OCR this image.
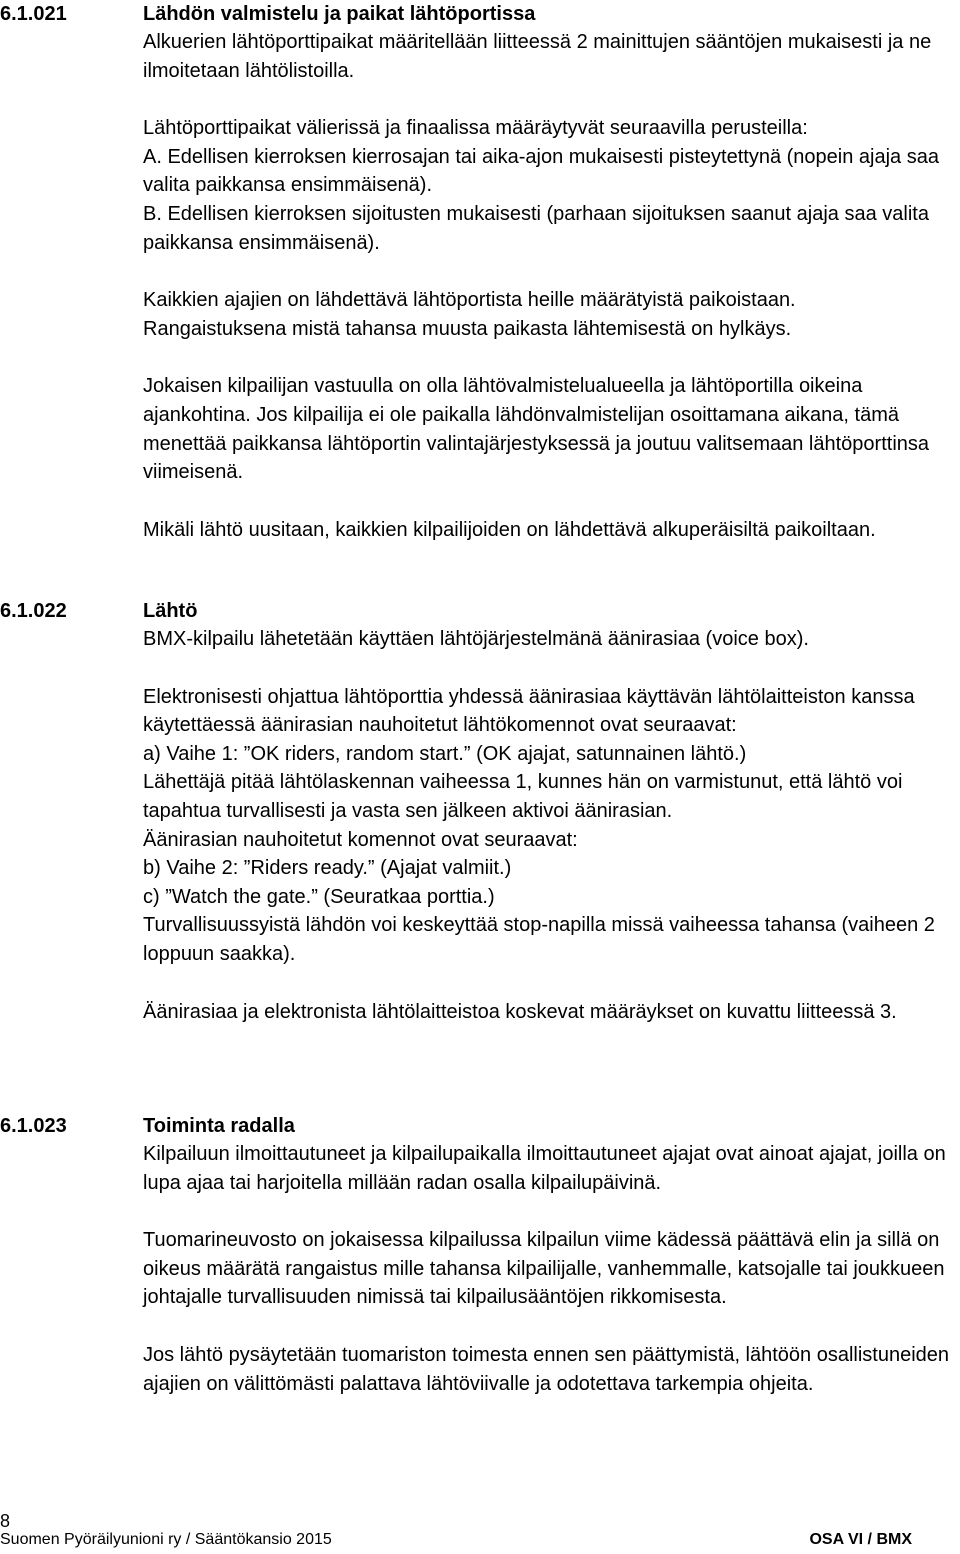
6.1.021	Lähdön valmistelu ja paikat lähtöportissa

Alkuerien lähtöporttipaikat määritellään liitteessä 2 mainittujen sääntöjen mukaisesti ja ne ilmoitetaan lähtölistoilla.

Lähtöporttipaikat välierissä ja finaalissa määräytyvät seuraavilla perusteilla:

A. Edellisen kierroksen kierrosajan tai aika-ajon mukaisesti pisteytettynä (nopein ajaja saa valita paikkansa ensimmäisenä).

B. Edellisen kierroksen sijoitusten mukaisesti (parhaan sijoituksen saanut ajaja saa valita paikkansa ensimmäisenä).

Kaikkien ajajien on lähdettävä lähtöportista heille määrätyistä paikoistaan.

Rangaistuksena mistä tahansa muusta paikasta lähtemisestä on hylkäys.

Jokaisen kilpailijan vastuulla on olla lähtövalmistelualueella ja lähtöportilla oikeina ajankohtina. Jos kilpailija ei ole paikalla lähdönvalmistelijan osoittamana aikana, tämä menettää paikkansa lähtöportin valintajärjestyksessä ja joutuu valitsemaan lähtöporttinsa viimeisenä.

Mikäli lähtö uusitaan, kaikkien kilpailijoiden on lähdettävä alkuperäisiltä paikoiltaan.

6.1.022	Lähtö

BMX-kilpailu lähetetään käyttäen lähtöjärjestelmänä äänirasiaa (voice box).

Elektronisesti ohjattua lähtöporttia yhdessä äänirasiaa käyttävän lähtölaitteiston kanssa käytettäessä äänirasian nauhoitetut lähtökomennot ovat seuraavat:

a) Vaihe 1: ”OK riders, random start.” (OK ajajat, satunnainen lähtö.)

Lähettäjä pitää lähtölaskennan vaiheessa 1, kunnes hän on varmistunut, että lähtö voi tapahtua turvallisesti ja vasta sen jälkeen aktivoi äänirasian.

Äänirasian nauhoitetut komennot ovat seuraavat:

b) Vaihe 2: ”Riders ready.” (Ajajat valmiit.)

c) ”Watch the gate.” (Seuratkaa porttia.)

Turvallisuussyistä lähdön voi keskeyttää stop-napilla missä vaiheessa tahansa (vaiheen 2 loppuun saakka).

Äänirasiaa ja elektronista lähtölaitteistoa koskevat määräykset on kuvattu liitteessä 3.

6.1.023	Toiminta radalla

Kilpailuun ilmoittautuneet ja kilpailupaikalla ilmoittautuneet ajajat ovat ainoat ajajat, joilla on lupa ajaa tai harjoitella millään radan osalla kilpailupäivinä.

Tuomarineuvosto on jokaisessa kilpailussa kilpailun viime kädessä päättävä elin ja sillä on oikeus määrätä rangaistus mille tahansa kilpailijalle, vanhemmalle, katsojalle tai joukkueen johtajalle turvallisuuden nimissä tai kilpailusääntöjen rikkomisesta.

Jos lähtö pysäytetään tuomariston toimesta ennen sen päättymistä, lähtöön osallistuneiden ajajien on välittömästi palattava lähtöviivalle ja odotettava tarkempia ohjeita.

8
Suomen Pyöräilyunioni ry / Sääntökansio 2015	OSA VI / BMX
